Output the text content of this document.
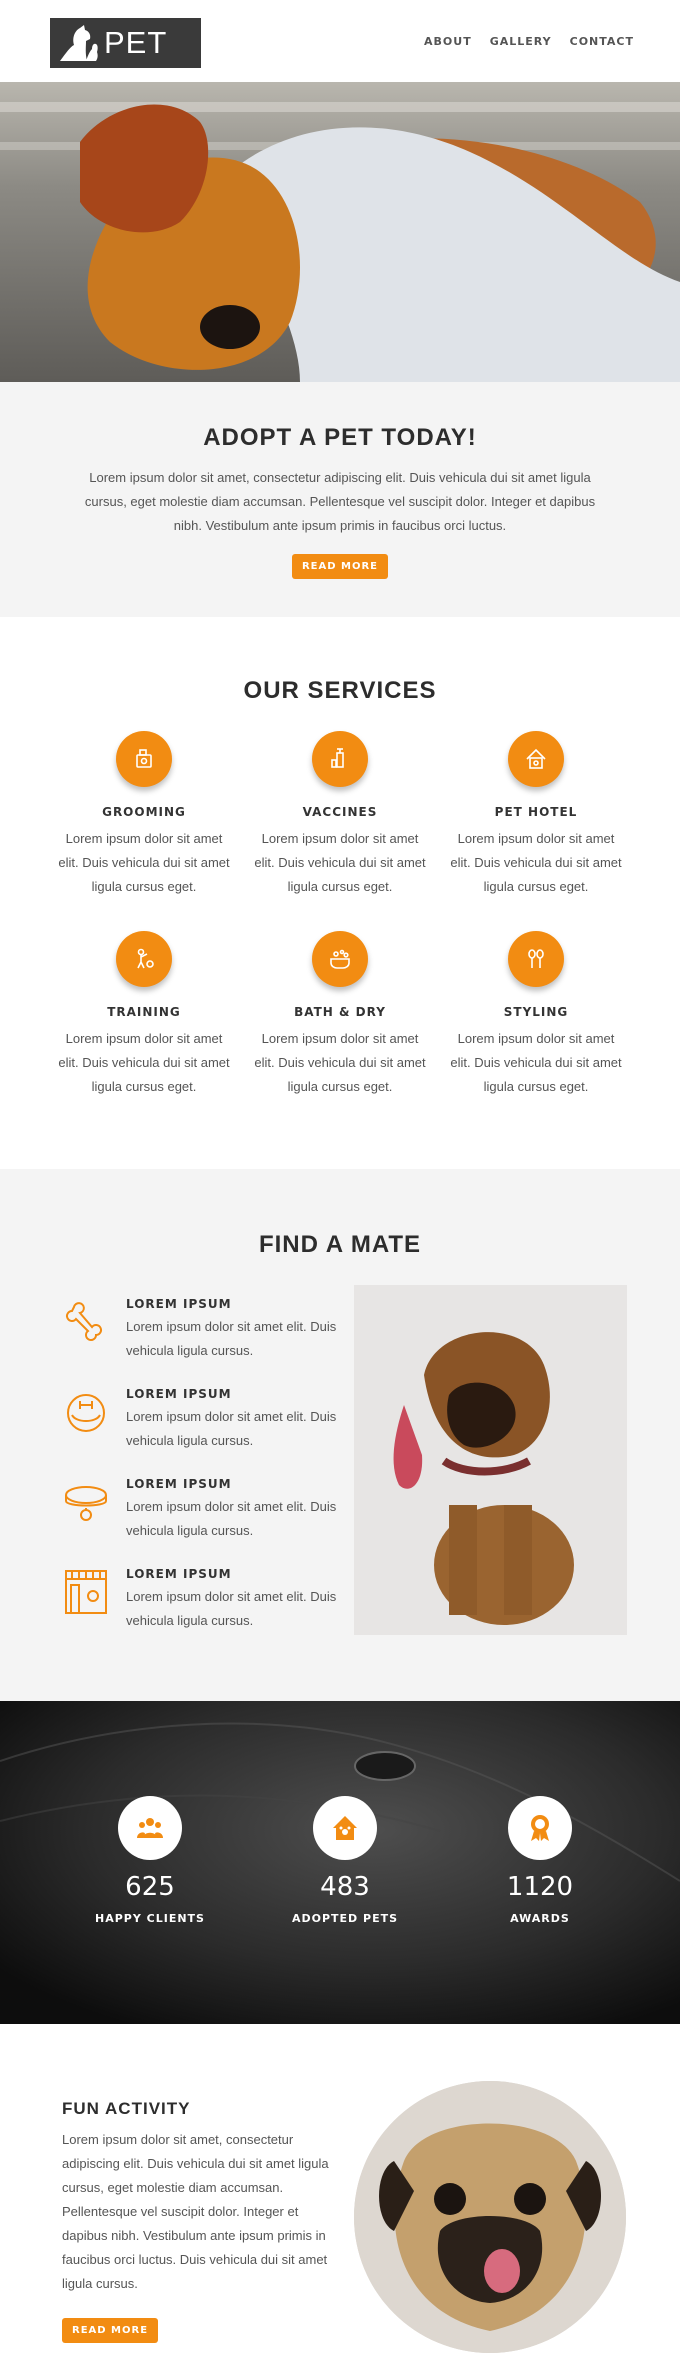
PET	ABOUT GALLERY CONTACT
ADOPT A PET TODAY!

Lorem ipsum dolor sit amet, consectetur adipiscing elit. Duis vehicula dui sit amet ligula cursus, eget molestie diam accumsan. Pellentesque vel suscipit dolor. Integer et dapibus nibh. Vestibulum ante ipsum primis in faucibus orci luctus.

READ MORE
OUR SERVICES
GROOMING

Lorem ipsum dolor sit amet elit. Duis vehicula dui sit amet ligula cursus eget.

VACCINES

Lorem ipsum dolor sit amet elit. Duis vehicula dui sit amet ligula cursus eget.

PET HOTEL

Lorem ipsum dolor sit amet elit. Duis vehicula dui sit amet ligula cursus eget.

TRAINING

Lorem ipsum dolor sit amet elit. Duis vehicula dui sit amet ligula cursus eget.

BATH & DRY

Lorem ipsum dolor sit amet elit. Duis vehicula dui sit amet ligula cursus eget.

STYLING

Lorem ipsum dolor sit amet elit. Duis vehicula dui sit amet ligula cursus eget.

FIND A MATE
LOREM IPSUM

Lorem ipsum dolor sit amet elit. Duis vehicula ligula cursus.

LOREM IPSUM

Lorem ipsum dolor sit amet elit. Duis vehicula ligula cursus.

LOREM IPSUM

Lorem ipsum dolor sit amet elit. Duis vehicula ligula cursus.

LOREM IPSUM

Lorem ipsum dolor sit amet elit. Duis vehicula ligula cursus.

625
HAPPY CLIENTS
483
ADOPTED PETS
1120
AWARDS
FUN ACTIVITY

Lorem ipsum dolor sit amet, consectetur adipiscing elit. Duis vehicula dui sit amet ligula cursus, eget molestie diam accumsan. Pellentesque vel suscipit dolor. Integer et dapibus nibh. Vestibulum ante ipsum primis in faucibus orci luctus. Duis vehicula dui sit amet ligula cursus.

READ MORE
